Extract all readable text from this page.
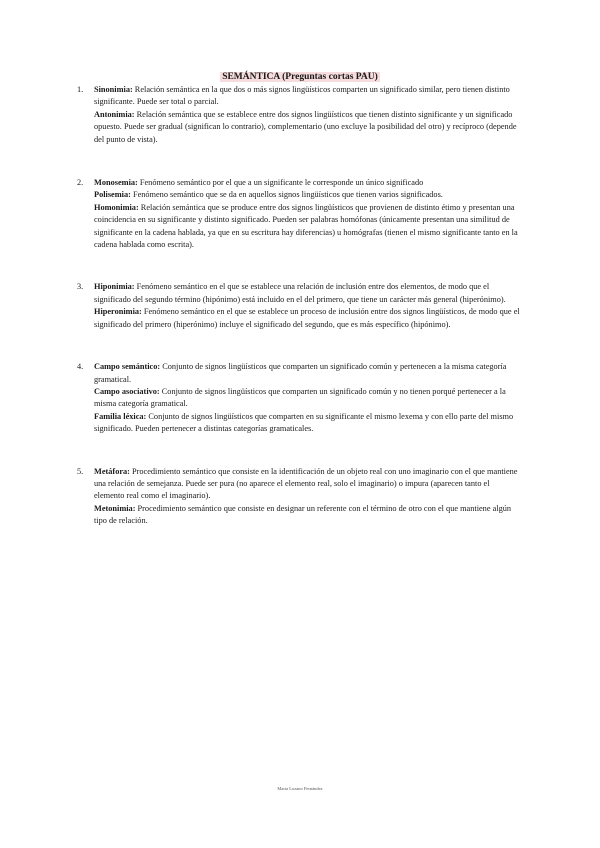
SEMÁNTICA (Preguntas cortas PAU)
1. Sinonimia: Relación semántica en la que dos o más signos lingüísticos comparten un significado similar, pero tienen distinto significante. Puede ser total o parcial.

Antonimia: Relación semántica que se establece entre dos signos lingüísticos que tienen distinto significante y un significado opuesto. Puede ser gradual (significan lo contrario), complementario (uno excluye la posibilidad del otro) y recíproco (depende del punto de vista).

2. Monosemia: Fenómeno semántico por el que a un significante le corresponde un único significado

Polisemia: Fenómeno semántico que se da en aquellos signos lingüísticos que tienen varios significados.

Homonimia: Relación semántica que se produce entre dos signos lingüísticos que provienen de distinto étimo y presentan una coincidencia en su significante y distinto significado. Pueden ser palabras homófonas (únicamente presentan una similitud de significante en la cadena hablada, ya que en su escritura hay diferencias) u homógrafas (tienen el mismo significante tanto en la cadena hablada como escrita).

3. Hiponimia: Fenómeno semántico en el que se establece una relación de inclusión entre dos elementos, de modo que el significado del segundo término (hipónimo) está incluido en el del primero, que tiene un carácter más general (hiperónimo).

Hiperonimia: Fenómeno semántico en el que se establece un proceso de inclusión entre dos signos lingüísticos, de modo que el significado del primero (hiperónimo) incluye el significado del segundo, que es más específico (hipónimo).

4. Campo semántico: Conjunto de signos lingüísticos que comparten un significado común y pertenecen a la misma categoría gramatical.

Campo asociativo: Conjunto de signos lingüísticos que comparten un significado común y no tienen porqué pertenecer a la misma categoría gramatical.

Familia léxica: Conjunto de signos lingüísticos que comparten en su significante el mismo lexema y con ello parte del mismo significado. Pueden pertenecer a distintas categorías gramaticales.

5. Metáfora: Procedimiento semántico que consiste en la identificación de un objeto real con uno imaginario con el que mantiene una relación de semejanza. Puede ser pura (no aparece el elemento real, solo el imaginario) o impura (aparecen tanto el elemento real como el imaginario).

Metonimia: Procedimiento semántico que consiste en designar un referente con el término de otro con el que mantiene algún tipo de relación.

Marta Lozano Fernández
